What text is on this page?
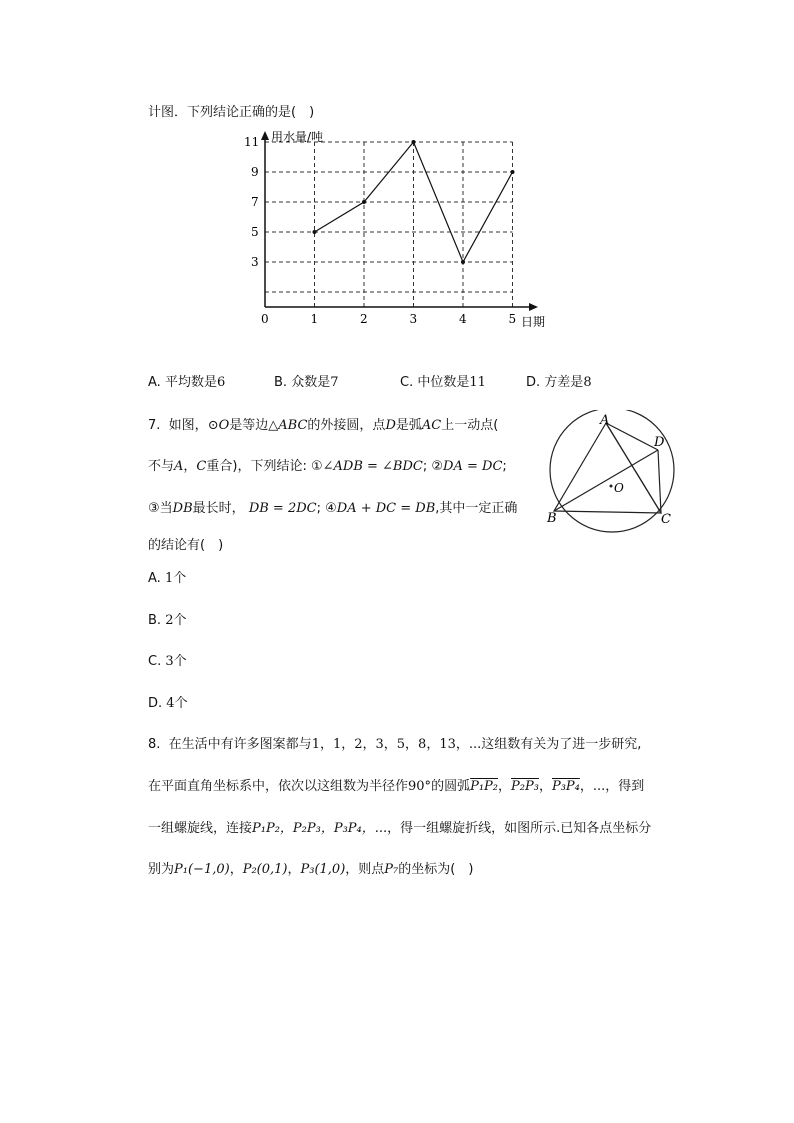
计图．下列结论正确的是(　)
0	1	2	3	4	5
3
5
7
9
11 用水量/吨
日期
A. 平均数是6	B. 众数是7	C. 中位数是11	D. 方差是8
7. 如图，⊙O是等边△ABC的外接圆，点D是弧AC上一动点(
不与A，C重合)，下列结论: ①∠ADB = ∠BDC; ②DA = DC;
③当DB最长时， DB = 2DC; ④DA + DC = DB,其中一定正确
的结论有(　)
A. 1个
B. 2个
C. 3个
D. 4个
A
B	C
D
O
8. 在生活中有许多图案都与1，1，2，3，5，8，13，...这组数有关为了进一步研究,
在平面直角坐标系中，依次以这组数为半径作90°的圆弧P₁P₂，P₂P₃，P₃P₄，...，得到
一组螺旋线，连接P₁P₂，P₂P₃，P₃P₄，...，得一组螺旋折线，如图所示.已知各点坐标分
别为P₁(−1,0)，P₂(0,1)，P₃(1,0)，则点P₇的坐标为(　)
